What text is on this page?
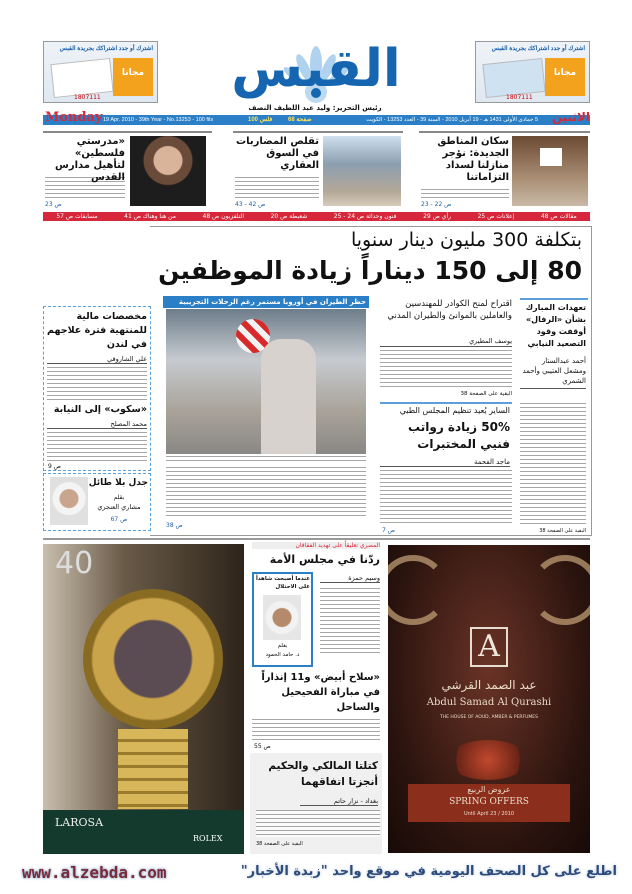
اشترك أو جدد اشتراكك بجريدة القبس
مجانا
1807111
اشترك أو جدد اشتراكك بجريدة القبس
مجانا
1807111
القبس
رئيس التحرير: وليد عبد اللطيف النصف
19 Apr. 2010 - 39th Year - No.13253 - 100 fils	100 فلس	68 صفحة	5 جمادى الأولى 1431 هـ - 19 أبريل 2010 - السنة 39 - العدد 13253 - الكويت
Monday	الاثنين
سكان المناطق الجديدة: نؤجر منازلنا لسداد التزاماتنا
ص 22 - 23
تقلص المضاربات في السوق العقاري
ص 42 - 43
«مدرستي فلسطين» لتأهيل مدارس القدس
ص 23
مقالات ص 48
إعلانات ص 25
رأي ص 29
فنون وحداثة ص 24 - 25
شعبطة ص 20
التلفزيون ص 48
من هنا وهناك ص 41
مسابقات ص 57
بتكلفة 300 مليون دينار سنويا
80 إلى 150 ديناراً زيادة الموظفين
حظر الطيران في أوروبا مستمر رغم الرحلات التجريبية
ص 38
اقتراح لمنح الكوادر للمهندسين والعاملين بالموانئ والطيران المدني
يوسف المطيري
البقية على الصفحة 38
الساير يُعيد تنظيم المجلس الطبي
50% زيادة رواتب فنيي المختبرات
ماجد الفحمة
ص 7
تعهدات المبارك بشأن «الرفال» أوقفت وقود التصعيد النيابي
أحمد عبدالستار ومشعل العتيبي وأحمد الشمري
البقية على الصفحة 38
مخصصات مالية للمنتهية فترة علاجهم في لندن
علي الشاروقي
«سكوب» إلى النيابة
محمد المصلح
ص 9
جدل بلا طائل
بقلم
مشاري العنجري
ص 67
40
LAROSA
ROLEX
المصري تعليقاً على تهديد الفقاقان
ردّنا في مجلس الأمة
وسيم حمزة
عندما أصبحت شاهداً على الاحتلال
بقلم
د. حامد الحمود
«سلاح أبيض» و11 إنذاراً في مباراة الفحيحيل والساحل
ص 55
كتلتا المالكي والحكيم أنجزتا اتفاقهما
بغداد - نزار حاتم
البقية على الصفحة 38
A
عبد الصمد القرشي
Abdul Samad Al Qurashi
THE HOUSE OF AOUD, AMBER & PERFUMES
عروض الربيع
SPRING OFFERS
Until April 23 / 2010
www.alzebda.com	اطلع على كل الصحف اليومية في موقع واحد "زبدة الأخبار"
